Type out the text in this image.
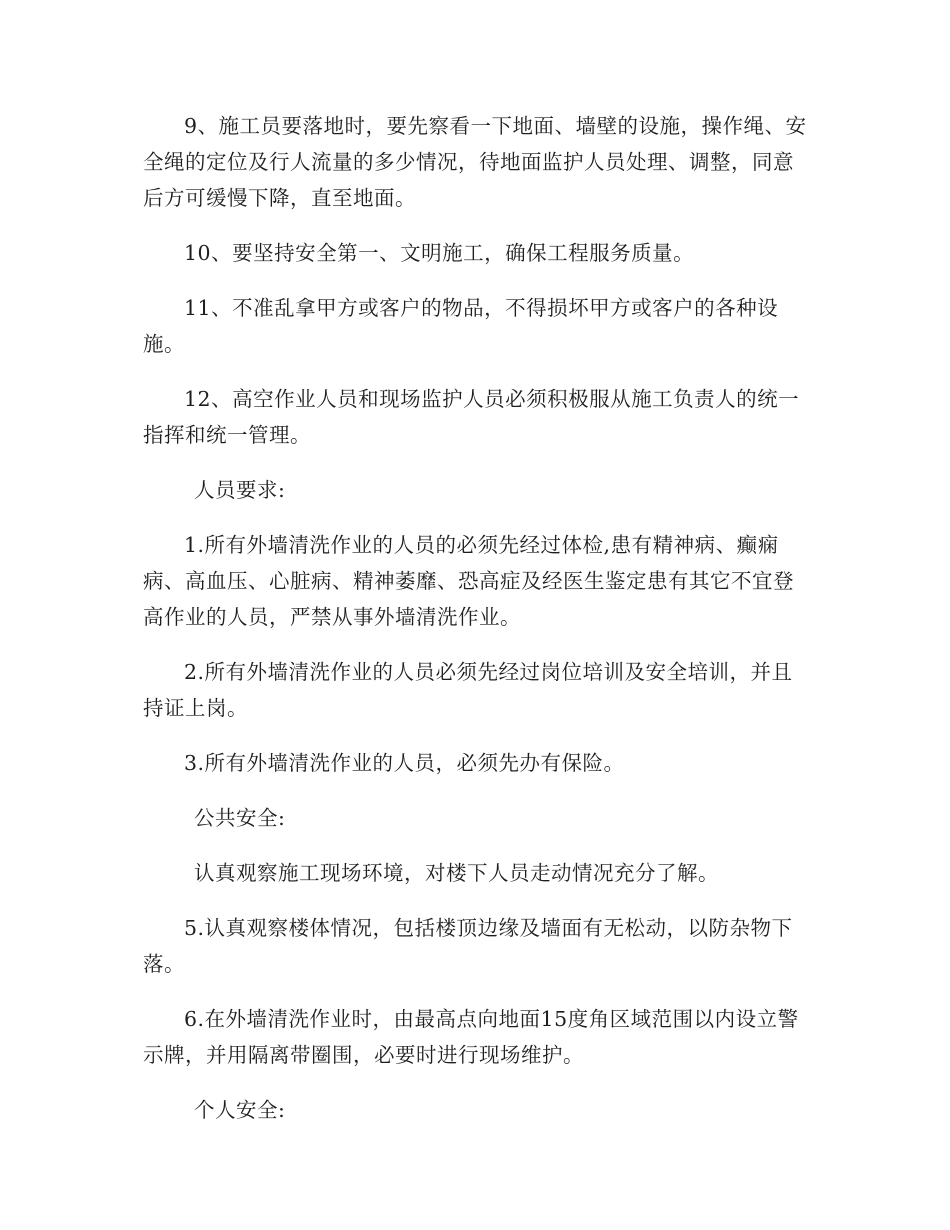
9、施工员要落地时，要先察看一下地面、墙壁的设施，操作绳、安全绳的定位及行人流量的多少情况，待地面监护人员处理、调整，同意后方可缓慢下降，直至地面。

10、要坚持安全第一、文明施工，确保工程服务质量。

11、不准乱拿甲方或客户的物品，不得损坏甲方或客户的各种设施。

12、高空作业人员和现场监护人员必须积极服从施工负责人的统一指挥和统一管理。

人员要求:

1.所有外墙清洗作业的人员的必须先经过体检,患有精神病、癫痫病、高血压、心脏病、精神萎靡、恐高症及经医生鉴定患有其它不宜登高作业的人员，严禁从事外墙清洗作业。

2.所有外墙清洗作业的人员必须先经过岗位培训及安全培训，并且持证上岗。

3.所有外墙清洗作业的人员，必须先办有保险。

公共安全:

认真观察施工现场环境，对楼下人员走动情况充分了解。

5.认真观察楼体情况，包括楼顶边缘及墙面有无松动，以防杂物下落。

6.在外墙清洗作业时，由最高点向地面15度角区域范围以内设立警示牌，并用隔离带圈围，必要时进行现场维护。

个人安全:
